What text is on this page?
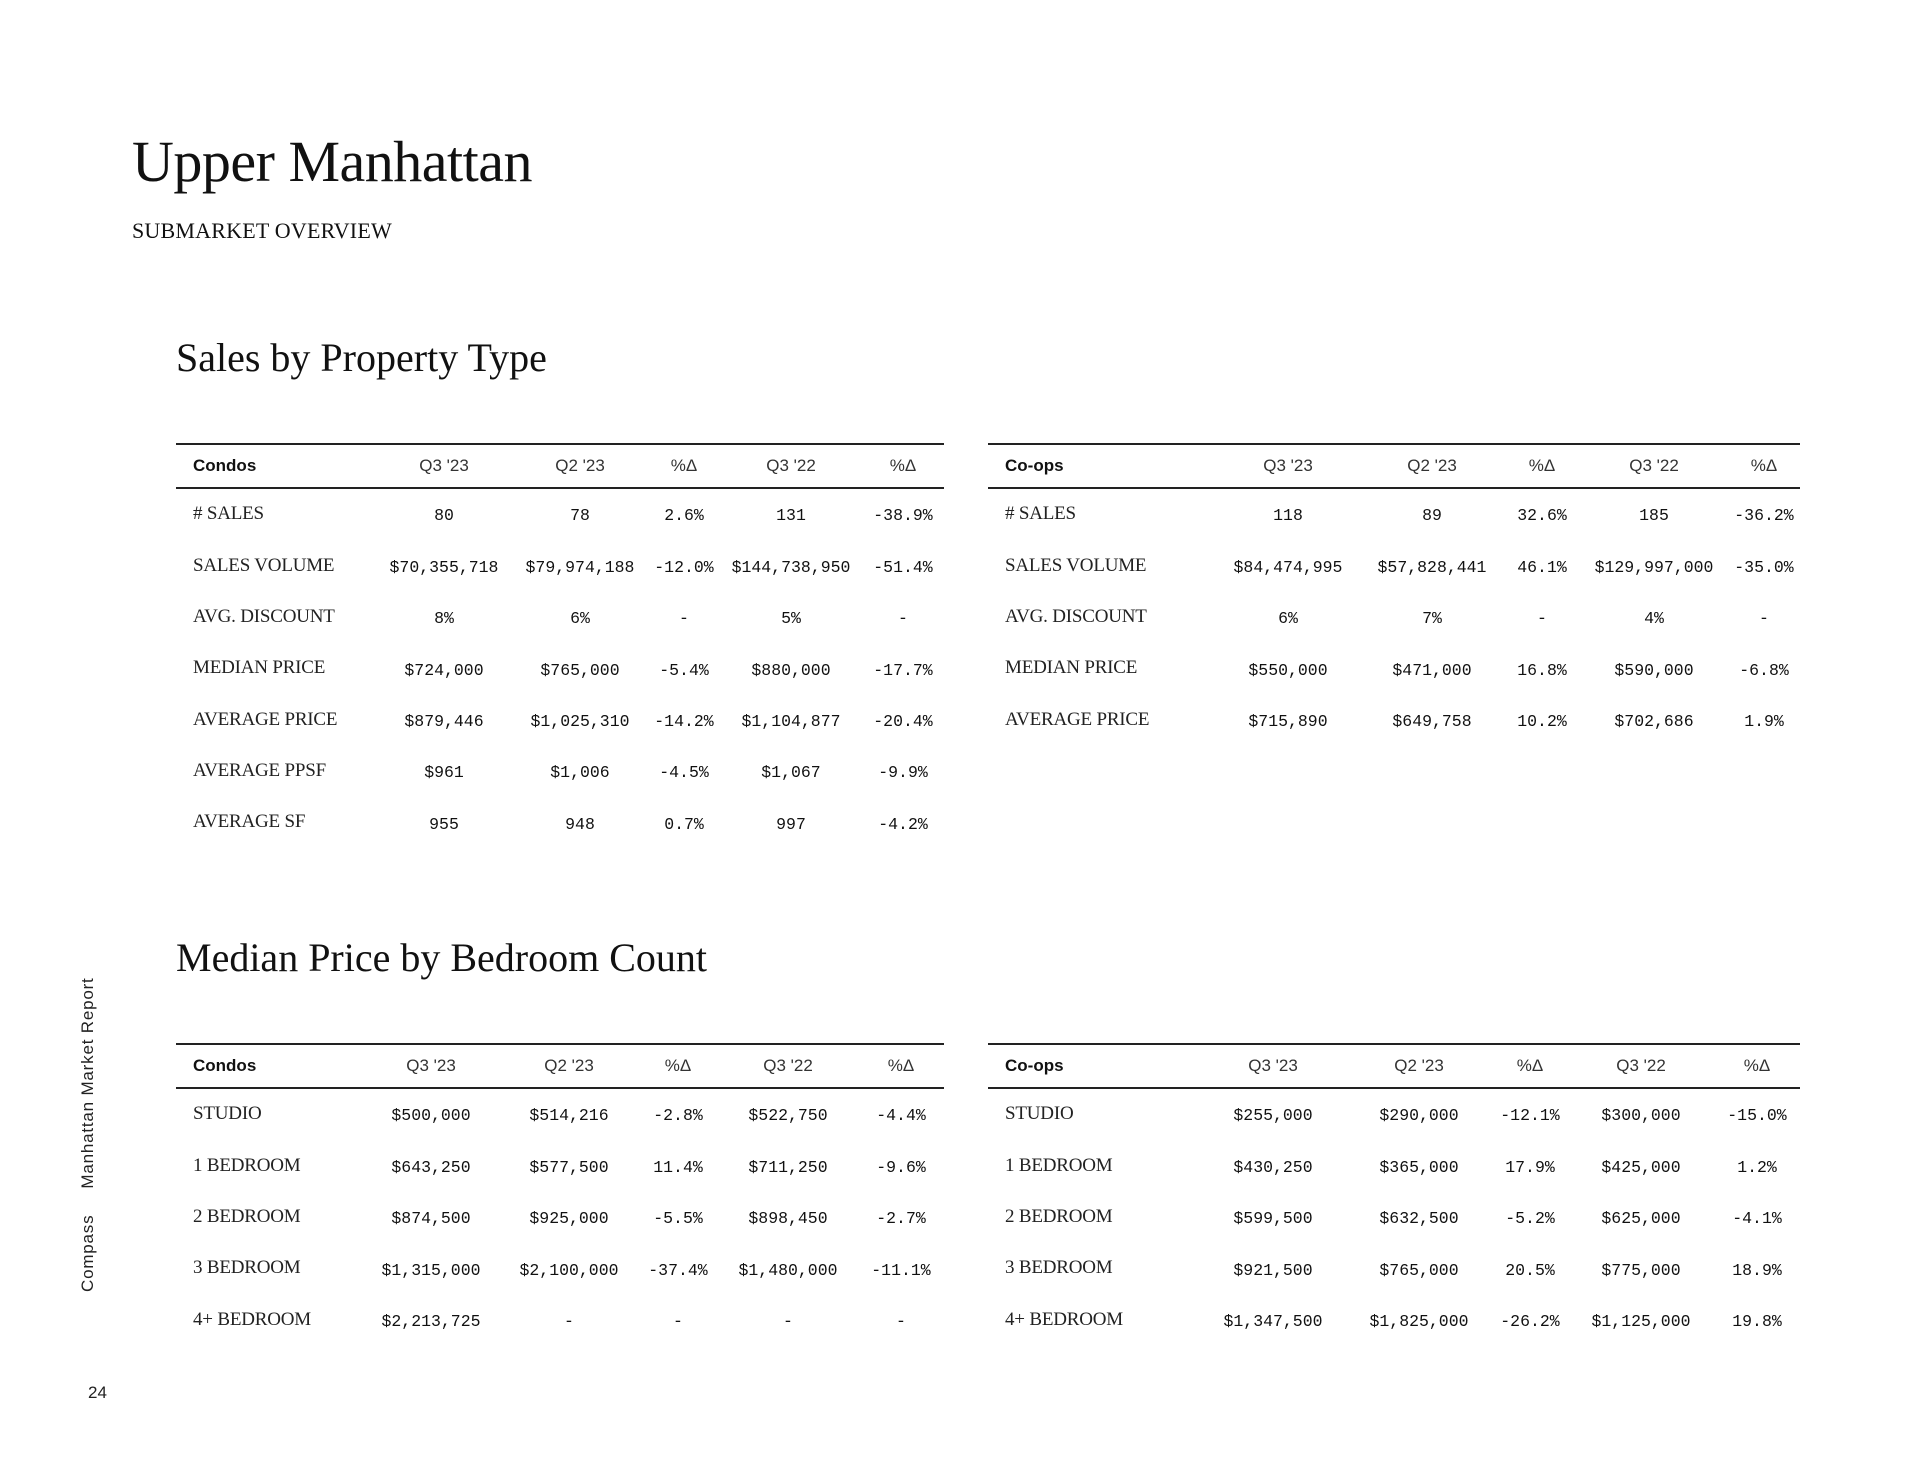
Upper Manhattan
SUBMARKET OVERVIEW
Sales by Property Type
Condos	Q3 '23	Q2 '23	%Δ	Q3 '22	%Δ
# SALES	80	78	2.6%	131	-38.9%
SALES VOLUME	$70,355,718	$79,974,188	-12.0%	$144,738,950	-51.4%
AVG. DISCOUNT	8%	6%	-	5%	-
MEDIAN PRICE	$724,000	$765,000	-5.4%	$880,000	-17.7%
AVERAGE PRICE	$879,446	$1,025,310	-14.2%	$1,104,877	-20.4%
AVERAGE PPSF	$961	$1,006	-4.5%	$1,067	-9.9%
AVERAGE SF	955	948	0.7%	997	-4.2%
Co-ops	Q3 '23	Q2 '23	%Δ	Q3 '22	%Δ
# SALES	118	89	32.6%	185	-36.2%
SALES VOLUME	$84,474,995	$57,828,441	46.1%	$129,997,000	-35.0%
AVG. DISCOUNT	6%	7%	-	4%	-
MEDIAN PRICE	$550,000	$471,000	16.8%	$590,000	-6.8%
AVERAGE PRICE	$715,890	$649,758	10.2%	$702,686	1.9%
Median Price by Bedroom Count
Condos	Q3 '23	Q2 '23	%Δ	Q3 '22	%Δ
STUDIO	$500,000	$514,216	-2.8%	$522,750	-4.4%
1 BEDROOM	$643,250	$577,500	11.4%	$711,250	-9.6%
2 BEDROOM	$874,500	$925,000	-5.5%	$898,450	-2.7%
3 BEDROOM	$1,315,000	$2,100,000	-37.4%	$1,480,000	-11.1%
4+ BEDROOM	$2,213,725	-	-	-	-
Co-ops	Q3 '23	Q2 '23	%Δ	Q3 '22	%Δ
STUDIO	$255,000	$290,000	-12.1%	$300,000	-15.0%
1 BEDROOM	$430,250	$365,000	17.9%	$425,000	1.2%
2 BEDROOM	$599,500	$632,500	-5.2%	$625,000	-4.1%
3 BEDROOM	$921,500	$765,000	20.5%	$775,000	18.9%
4+ BEDROOM	$1,347,500	$1,825,000	-26.2%	$1,125,000	19.8%
CompassManhattan Market Report
24
